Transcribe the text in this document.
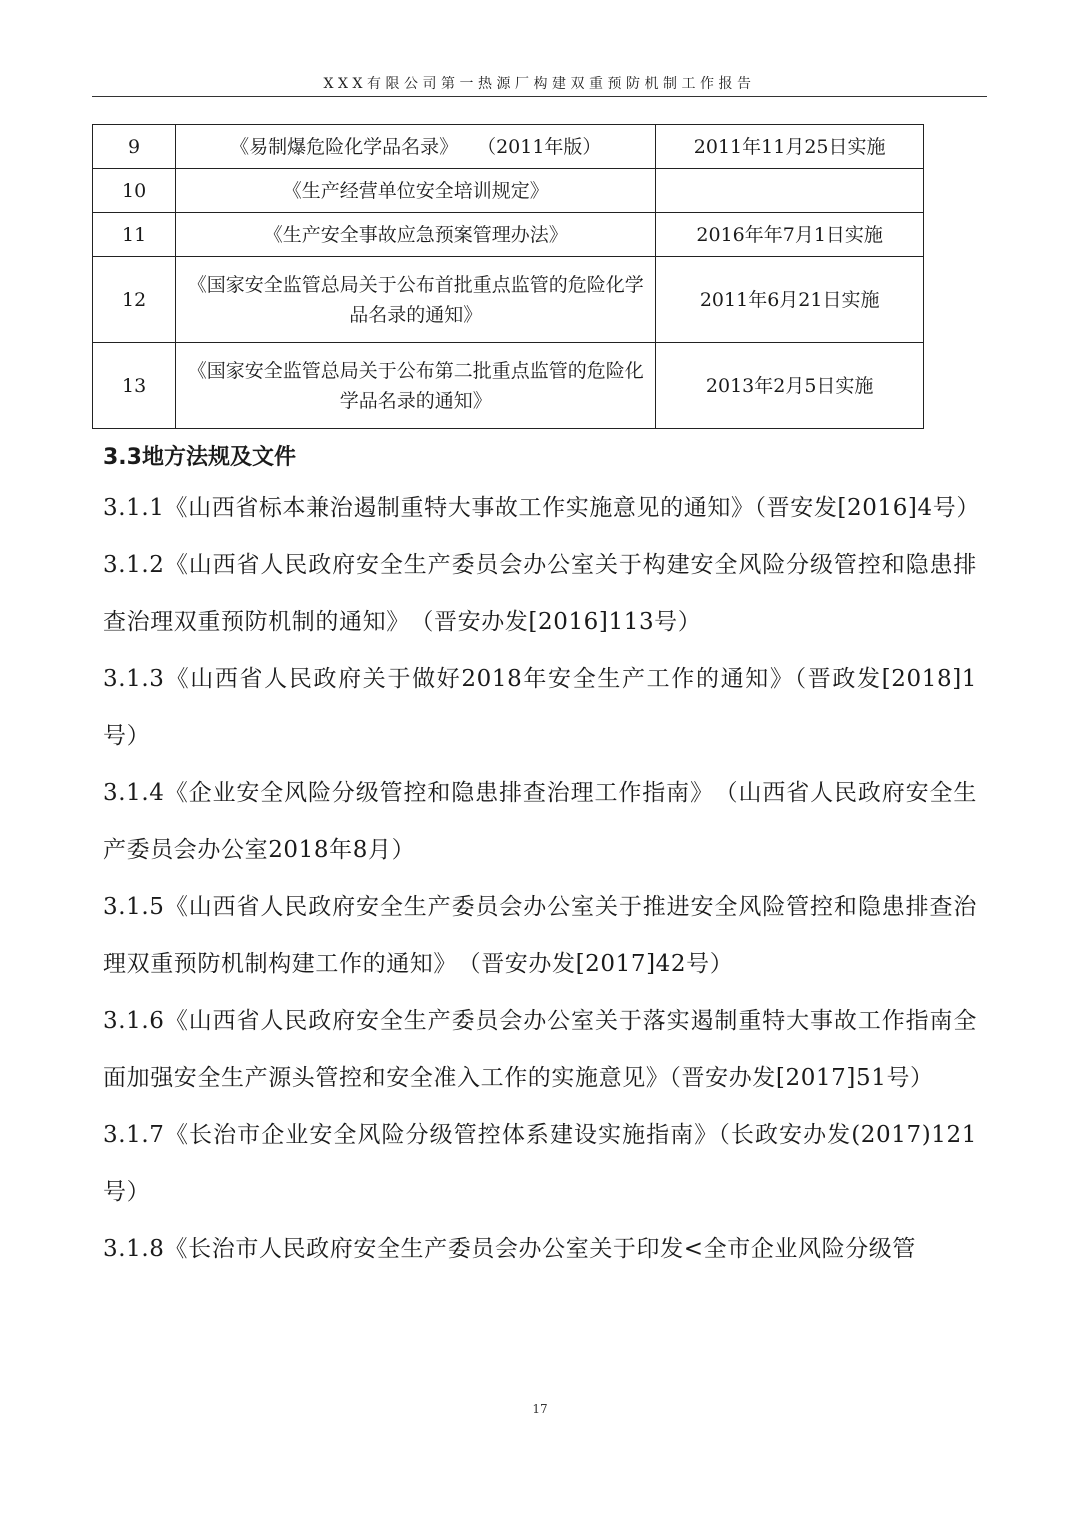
XXX有限公司第一热源厂构建双重预防机制工作报告
9	《易制爆危险化学品名录》　　（2011年版）	2011年11月25日实施
10	《生产经营单位安全培训规定》	
11	《生产安全事故应急预案管理办法》	2016年年7月1日实施
12	《国家安全监管总局关于公布首批重点监管的危险化学品名录的通知》	2011年6月21日实施
13	《国家安全监管总局关于公布第二批重点监管的危险化学品名录的通知》	2013年2月5日实施

3.3地方法规及文件

3.1.1《山西省标本兼治遏制重特大事故工作实施意见的通知》（晋安发[2016]4号）

3.1.2《山西省人民政府安全生产委员会办公室关于构建安全风险分级管控和隐患排查治理双重预防机制的通知》　（晋安办发[2016]113号）

3.1.3《山西省人民政府关于做好2018年安全生产工作的通知》（晋政发[2018]1号）

3.1.4《企业安全风险分级管控和隐患排查治理工作指南》　（山西省人民政府安全生产委员会办公室2018年8月）

3.1.5《山西省人民政府安全生产委员会办公室关于推进安全风险管控和隐患排查治理双重预防机制构建工作的通知》　（晋安办发[2017]42号）

3.1.6《山西省人民政府安全生产委员会办公室关于落实遏制重特大事故工作指南全面加强安全生产源头管控和安全准入工作的实施意见》（晋安办发[2017]51号）

3.1.7《长治市企业安全风险分级管控体系建设实施指南》（长政安办发(2017)121号）

3.1.8《长治市人民政府安全生产委员会办公室关于印发<全市企业风险分级管

17
